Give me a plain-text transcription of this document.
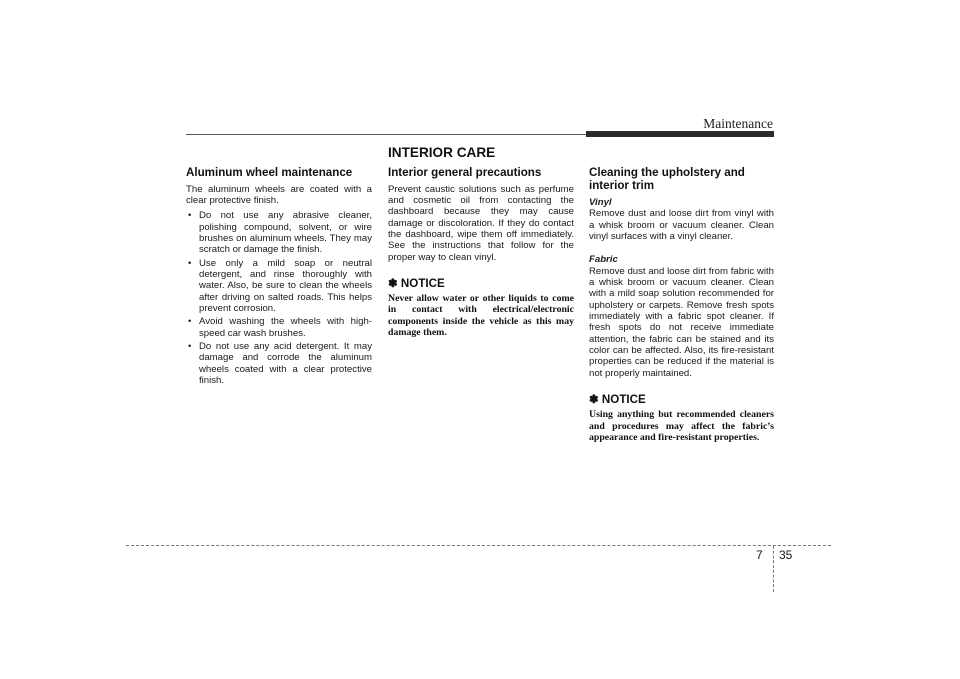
Maintenance
INTERIOR CARE
Aluminum wheel maintenance

The aluminum wheels are coated with a clear protective finish.

• Do not use any abrasive cleaner, polishing compound, solvent, or wire brushes on aluminum wheels. They may scratch or damage the finish.
• Use only a mild soap or neutral detergent, and rinse thoroughly with water. Also, be sure to clean the wheels after driving on salted roads. This helps prevent corrosion.
• Avoid washing the wheels with high-speed car wash brushes.
• Do not use any acid detergent. It may damage and corrode the aluminum wheels coated with a clear protective finish.
Interior general precautions

Prevent caustic solutions such as perfume and cosmetic oil from contacting the dashboard because they may cause damage or discoloration. If they do contact the dashboard, wipe them off immediately. See the instructions that follow for the proper way to clean vinyl.

✽ NOTICE

Never allow water or other liquids to come in contact with electrical/electronic components inside the vehicle as this may damage them.

Cleaning the upholstery and interior trim

Vinyl

Remove dust and loose dirt from vinyl with a whisk broom or vacuum cleaner. Clean vinyl surfaces with a vinyl cleaner.

Fabric

Remove dust and loose dirt from fabric with a whisk broom or vacuum cleaner. Clean with a mild soap solution recommended for upholstery or carpets. Remove fresh spots immediately with a fabric spot cleaner. If fresh spots do not receive immediate attention, the fabric can be stained and its color can be affected. Also, its fire-resistant properties can be reduced if the material is not properly maintained.

✽ NOTICE

Using anything but recommended cleaners and procedures may affect the fabric’s appearance and fire-resistant properties.

7 35
